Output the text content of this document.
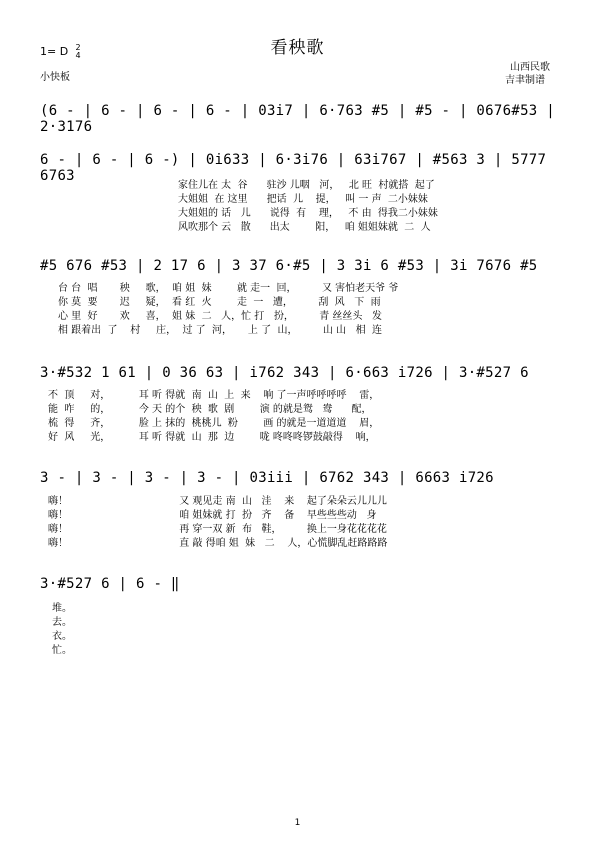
看秧歌
1= D 2
4
小快板
山西民歌
吉聿制谱
(6 - | 6 - | 6 - | 6 - | 03i7 | 6·763 #5 | #5 - | 0676#53 | 2·3176
6 - | 6 - | 6 -) | 0i633 | 6·3i76 | 63i767 | #563 3 | 5777 6763
家住儿在 太  谷      驻沙 儿咽   河，   北 旺  村就搭  起了
大姐姐  在 这里      把话  儿    提，   叫 一 声  二小妹妹
大姐姐的 话   儿      说得  有    理，   不 由  得我二小妹妹
风吹那个 云   散      出太        阳，   咱 姐姐妹就  二  人
#5 676 #53 | 2 17 6 | 3 37 6·#5 | 3 3i 6 #53 | 3i 7676 #5
台 台  唱       秧     歌，  咱 姐  妹        就 走一  回，        又 害怕老天爷 爷
你 莫  要       迟     疑，  看 红  火        走  一   遭，        刮  风   下  雨
心 里  好       欢     喜，  姐 妹  二   人，忙 打   扮，        青 丝丝头   发
相 跟着出  了    村     庄，  过 了  河，     上 了  山，        山 山   相  连
3·#532 1 61 | 0 36 63 | i762 343 | 6·663 i726 | 3·#527 6
不  顶     对，         耳 听 得就  南  山  上  来    响 了一声呼呼呼呼    雷，
能  咋     的，         今 天 的个  秧  歌  剧        演 的就是鸳   鸯      配，
梳  得     齐，         脸 上 抹的  桃桃儿  粉        画 的就是一道道道    眉，
好  风     光，         耳 听 得就  山  那  边        咙 咚咚咚锣鼓敲得    响，
3 - | 3 - | 3 - | 3 - | 03iii | 6762 343 | 6663 i726
嗨！                                   又 观见走 南  山   洼    来    起了朵朵云儿儿儿
嗨！                                   咱 姐妹就 打  扮   齐    备    早些些些动   身
嗨！                                   再 穿一双 新  布   鞋，        换上一身花花花花
嗨！                                   直 敲 得咱 姐  妹   二    人，心慌脚乱赶路路路
3·#527 6 | 6 - ‖
堆。
去。
衣。
忙。
1
